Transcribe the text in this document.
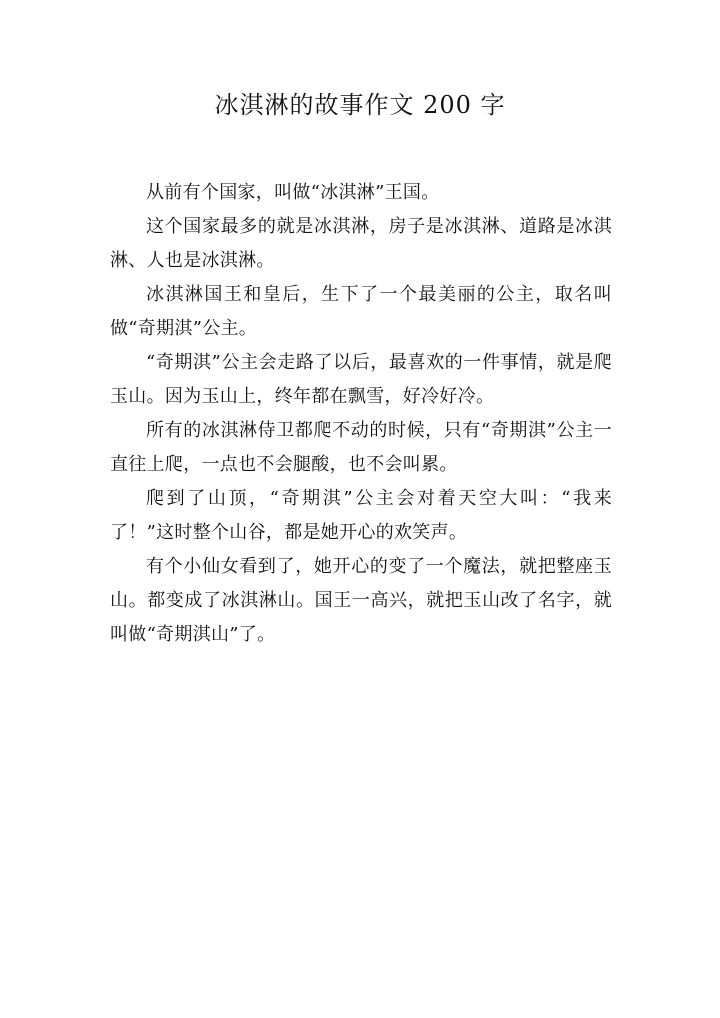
冰淇淋的故事作文 200 字

从前有个国家，叫做“冰淇淋”王国。

这个国家最多的就是冰淇淋，房子是冰淇淋、道路是冰淇淋、人也是冰淇淋。

冰淇淋国王和皇后，生下了一个最美丽的公主，取名叫做“奇期淇”公主。

“奇期淇”公主会走路了以后，最喜欢的一件事情，就是爬玉山。因为玉山上，终年都在飘雪，好冷好冷。

所有的冰淇淋侍卫都爬不动的时候，只有“奇期淇”公主一直往上爬，一点也不会腿酸，也不会叫累。

爬到了山顶，“奇期淇”公主会对着天空大叫：“我来了！”这时整个山谷，都是她开心的欢笑声。

有个小仙女看到了，她开心的变了一个魔法，就把整座玉山。都变成了冰淇淋山。国王一高兴，就把玉山改了名字，就叫做“奇期淇山”了。
